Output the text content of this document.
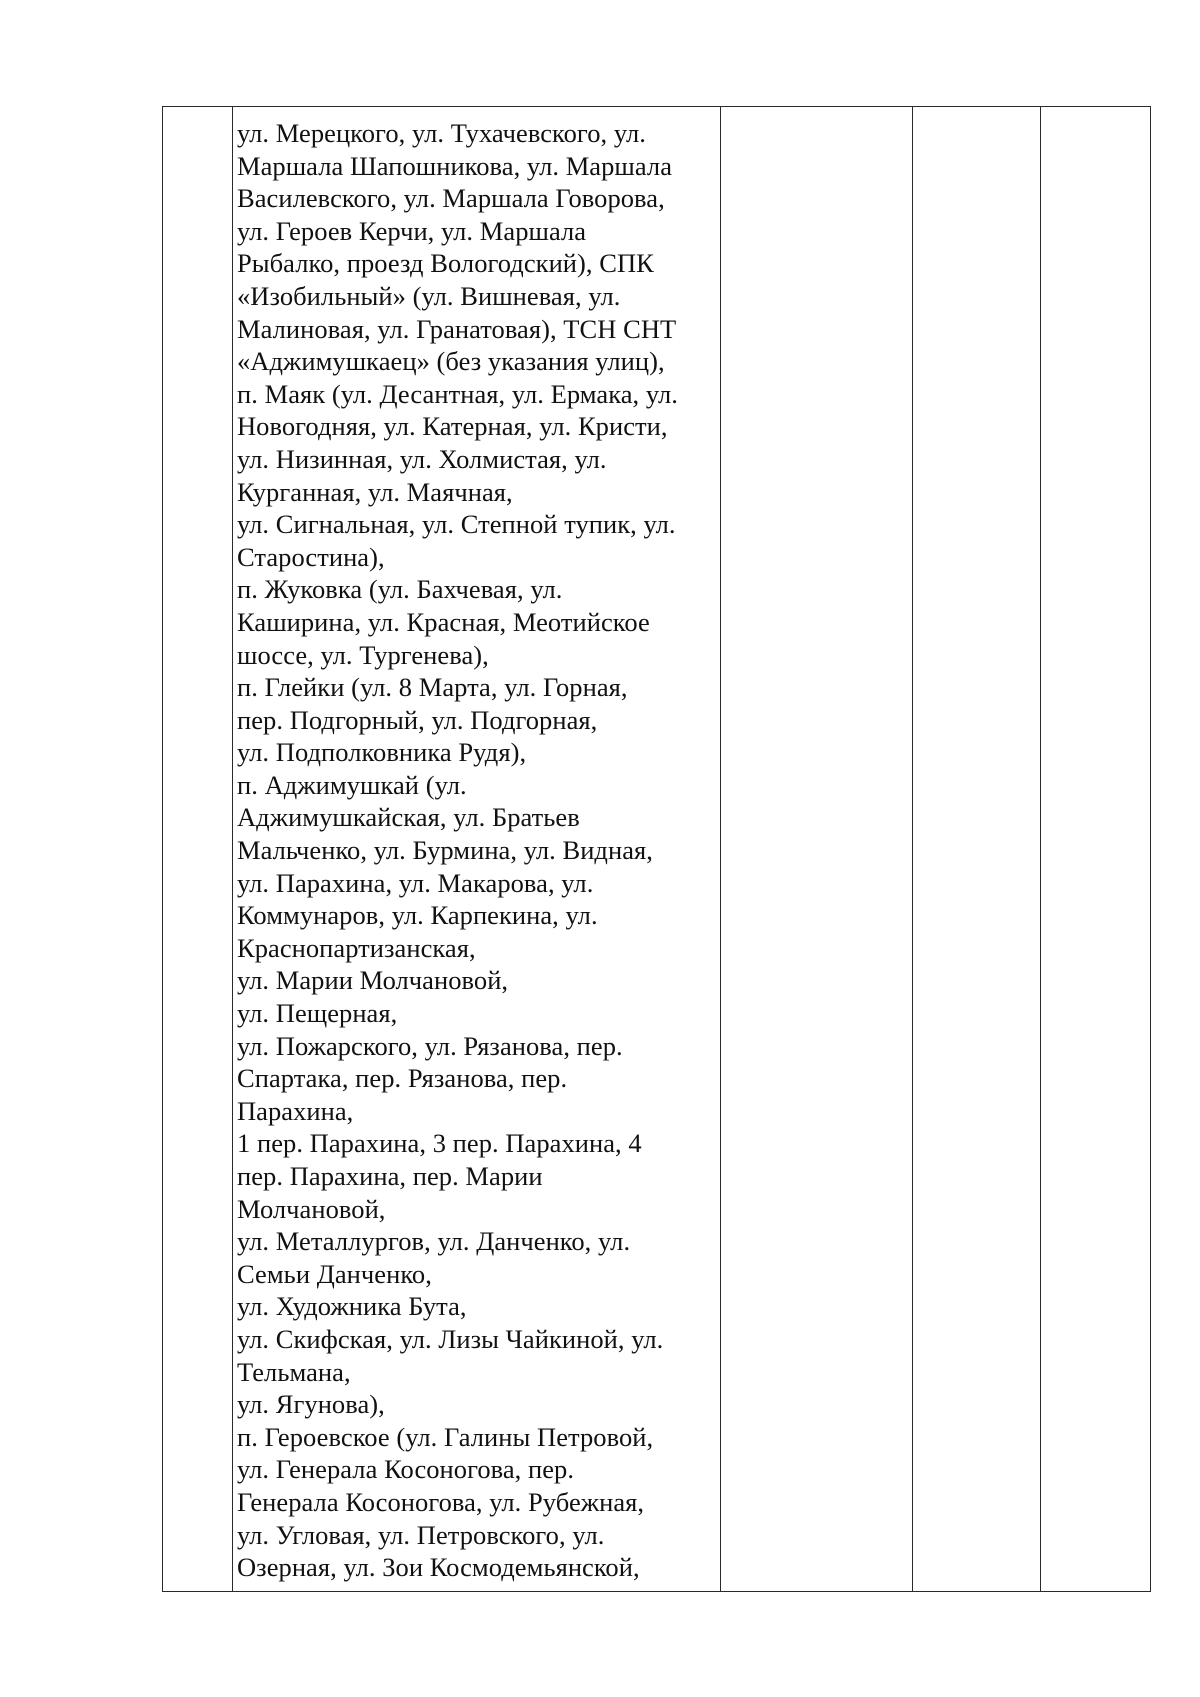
ул. Мерецкого, ул. Тухачевского, ул.
Маршала Шапошникова, ул. Маршала
Василевского, ул. Маршала Говорова,
ул. Героев Керчи, ул. Маршала
Рыбалко, проезд Вологодский), СПК
«Изобильный» (ул. Вишневая, ул.
Малиновая, ул. Гранатовая), ТСН СНТ
«Аджимушкаец» (без указания улиц),
п. Маяк (ул. Десантная, ул. Ермака, ул.
Новогодняя, ул. Катерная, ул. Кристи,
ул. Низинная, ул. Холмистая, ул.
Курганная, ул. Маячная,
ул. Сигнальная, ул. Степной тупик, ул.
Старостина),
п. Жуковка (ул. Бахчевая, ул.
Каширина, ул. Красная, Меотийское
шоссе, ул. Тургенева),
п. Глейки (ул. 8 Марта, ул. Горная,
пер. Подгорный, ул. Подгорная,
ул. Подполковника Рудя),
п. Аджимушкай (ул.
Аджимушкайская, ул. Братьев
Мальченко, ул. Бурмина, ул. Видная,
ул. Парахина, ул. Макарова, ул.
Коммунаров, ул. Карпекина, ул.
Краснопартизанская,
ул. Марии Молчановой,
ул. Пещерная,
ул. Пожарского, ул. Рязанова, пер.
Спартака, пер. Рязанова, пер.
Парахина,
1 пер. Парахина, 3 пер. Парахина, 4
пер. Парахина, пер. Марии
Молчановой,
ул. Металлургов, ул. Данченко, ул.
Семьи Данченко,
ул. Художника Бута,
ул. Скифская, ул. Лизы Чайкиной, ул.
Тельмана,
ул. Ягунова),
п. Героевское (ул. Галины Петровой,
ул. Генерала Косоногова, пер.
Генерала Косоногова, ул. Рубежная,
ул. Угловая, ул. Петровского, ул.
Озерная, ул. Зои Космодемьянской,
